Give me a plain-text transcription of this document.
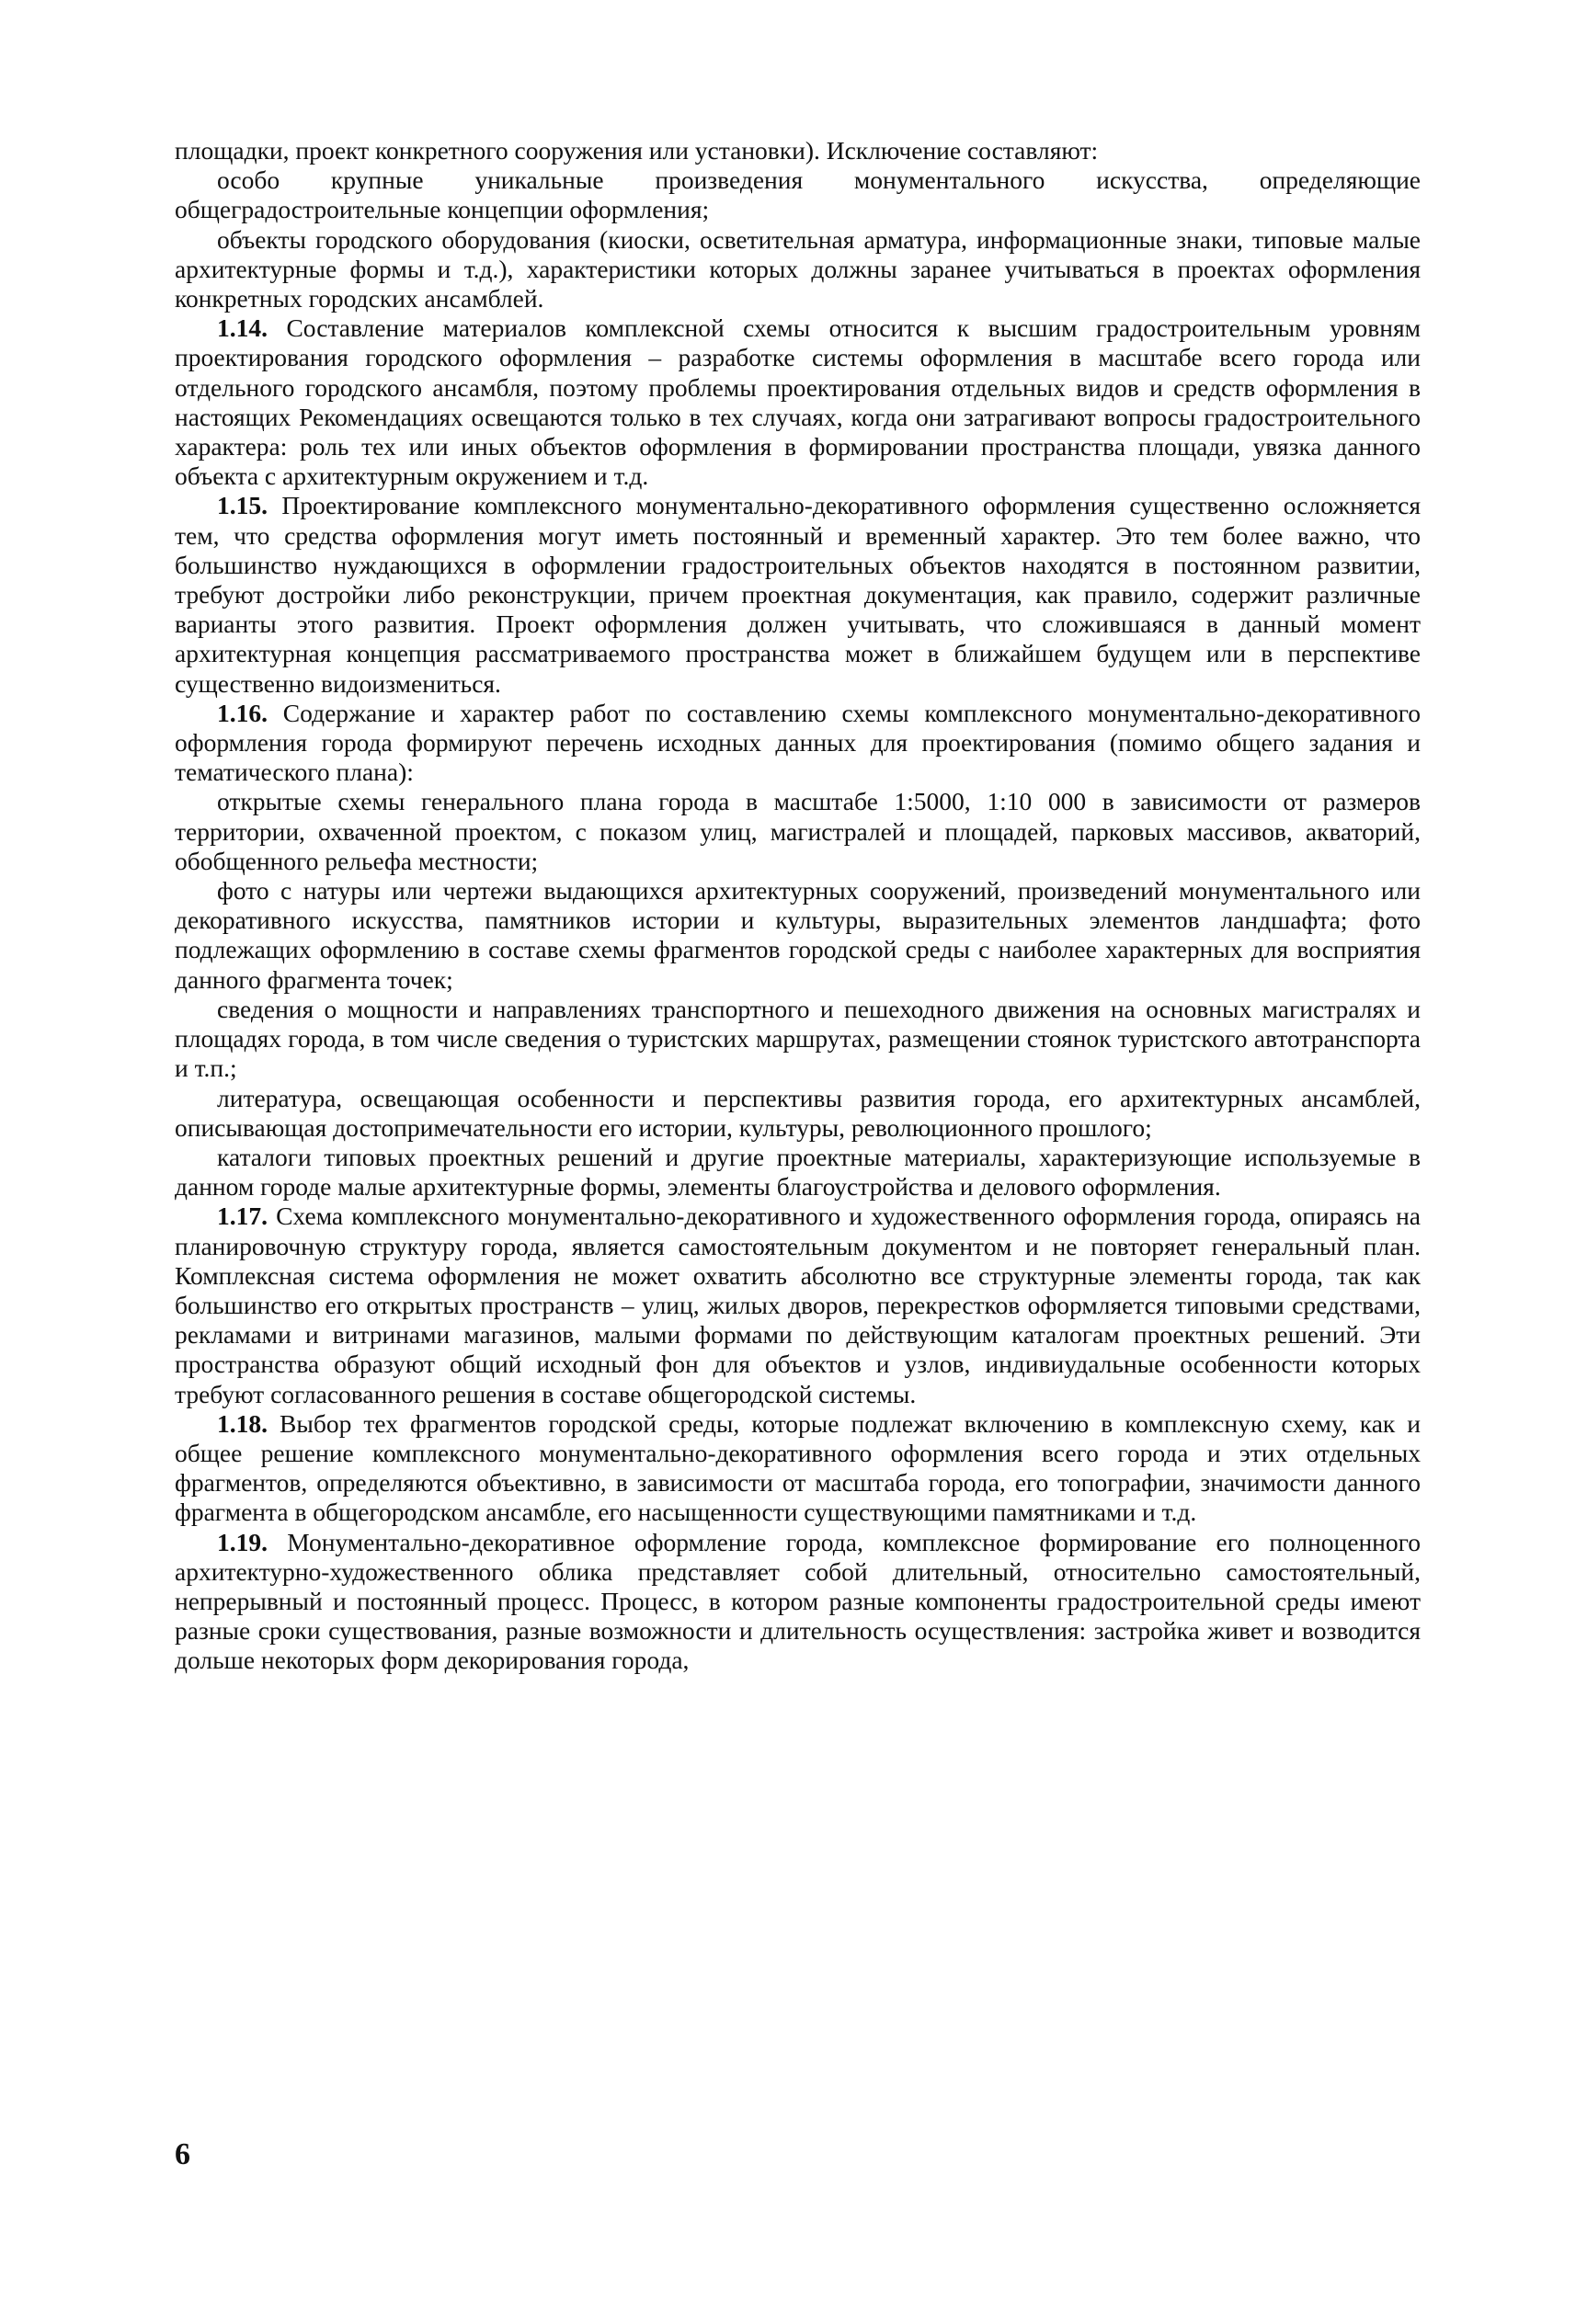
площадки, проект конкретного сооружения или установки). Исключение составляют:

особо крупные уникальные произведения монументального искусства, определяющие общеградостроительные концепции оформления;

объекты городского оборудования (киоски, осветительная арматура, информационные знаки, типовые малые архитектурные формы и т.д.), характеристики которых должны заранее учитываться в проектах оформления конкретных городских ансамблей.

1.14. Составление материалов комплексной схемы относится к высшим градостроительным уровням проектирования городского оформления – разработке системы оформления в масштабе всего города или отдельного городского ансамбля, поэтому проблемы проектирования отдельных видов и средств оформления в настоящих Рекомендациях освещаются только в тех случаях, когда они затрагивают вопросы градостроительного характера: роль тех или иных объектов оформления в формировании пространства площади, увязка данного объекта с архитектурным окружением и т.д.

1.15. Проектирование комплексного монументально-декоративного оформления существенно осложняется тем, что средства оформления могут иметь постоянный и временный характер. Это тем более важно, что большинство нуждающихся в оформлении градостроительных объектов находятся в постоянном развитии, требуют достройки либо реконструкции, причем проектная документация, как правило, содержит различные варианты этого развития. Проект оформления должен учитывать, что сложившаяся в данный момент архитектурная концепция рассматриваемого пространства может в ближайшем будущем или в перспективе существенно видоизмениться.

1.16. Содержание и характер работ по составлению схемы комплексного монументально-декоративного оформления города формируют перечень исходных данных для проектирования (помимо общего задания и тематического плана):

открытые схемы генерального плана города в масштабе 1:5000, 1:10 000 в зависимости от размеров территории, охваченной проектом, с показом улиц, магистралей и площадей, парковых массивов, акваторий, обобщенного рельефа местности;

фото с натуры или чертежи выдающихся архитектурных сооружений, произведений монументального или декоративного искусства, памятников истории и культуры, выразительных элементов ландшафта; фото подлежащих оформлению в составе схемы фрагментов городской среды с наиболее характерных для восприятия данного фрагмента точек;

сведения о мощности и направлениях транспортного и пешеходного движения на основных магистралях и площадях города, в том числе сведения о туристских маршрутах, размещении стоянок туристского автотранспорта и т.п.;

литература, освещающая особенности и перспективы развития города, его архитектурных ансамблей, описывающая достопримечательности его истории, культуры, революционного прошлого;

каталоги типовых проектных решений и другие проектные материалы, характеризующие используемые в данном городе малые архитектурные формы, элементы благоустройства и делового оформления.

1.17. Схема комплексного монументально-декоративного и художественного оформления города, опираясь на планировочную структуру города, является самостоятельным документом и не повторяет генеральный план. Комплексная система оформления не может охватить абсолютно все структурные элементы города, так как большинство его открытых пространств – улиц, жилых дворов, перекрестков оформляется типовыми средствами, рекламами и витринами магазинов, малыми формами по действующим каталогам проектных решений. Эти пространства образуют общий исходный фон для объектов и узлов, индивиудальные особенности которых требуют согласованного решения в составе общегородской системы.

1.18. Выбор тех фрагментов городской среды, которые подлежат включению в комплексную схему, как и общее решение комплексного монументально-декоративного оформления всего города и этих отдельных фрагментов, определяются объективно, в зависимости от масштаба города, его топографии, значимости данного фрагмента в общегородском ансамбле, его насыщенности существующими памятниками и т.д.

1.19. Монументально-декоративное оформление города, комплексное формирование его полноценного архитектурно-художественного облика представляет собой длительный, относительно самостоятельный, непрерывный и постоянный процесс. Процесс, в котором разные компоненты градостроительной среды имеют разные сроки существования, разные возможности и длительность осуществления: застройка живет и возводится дольше некоторых форм декорирования города,

6
